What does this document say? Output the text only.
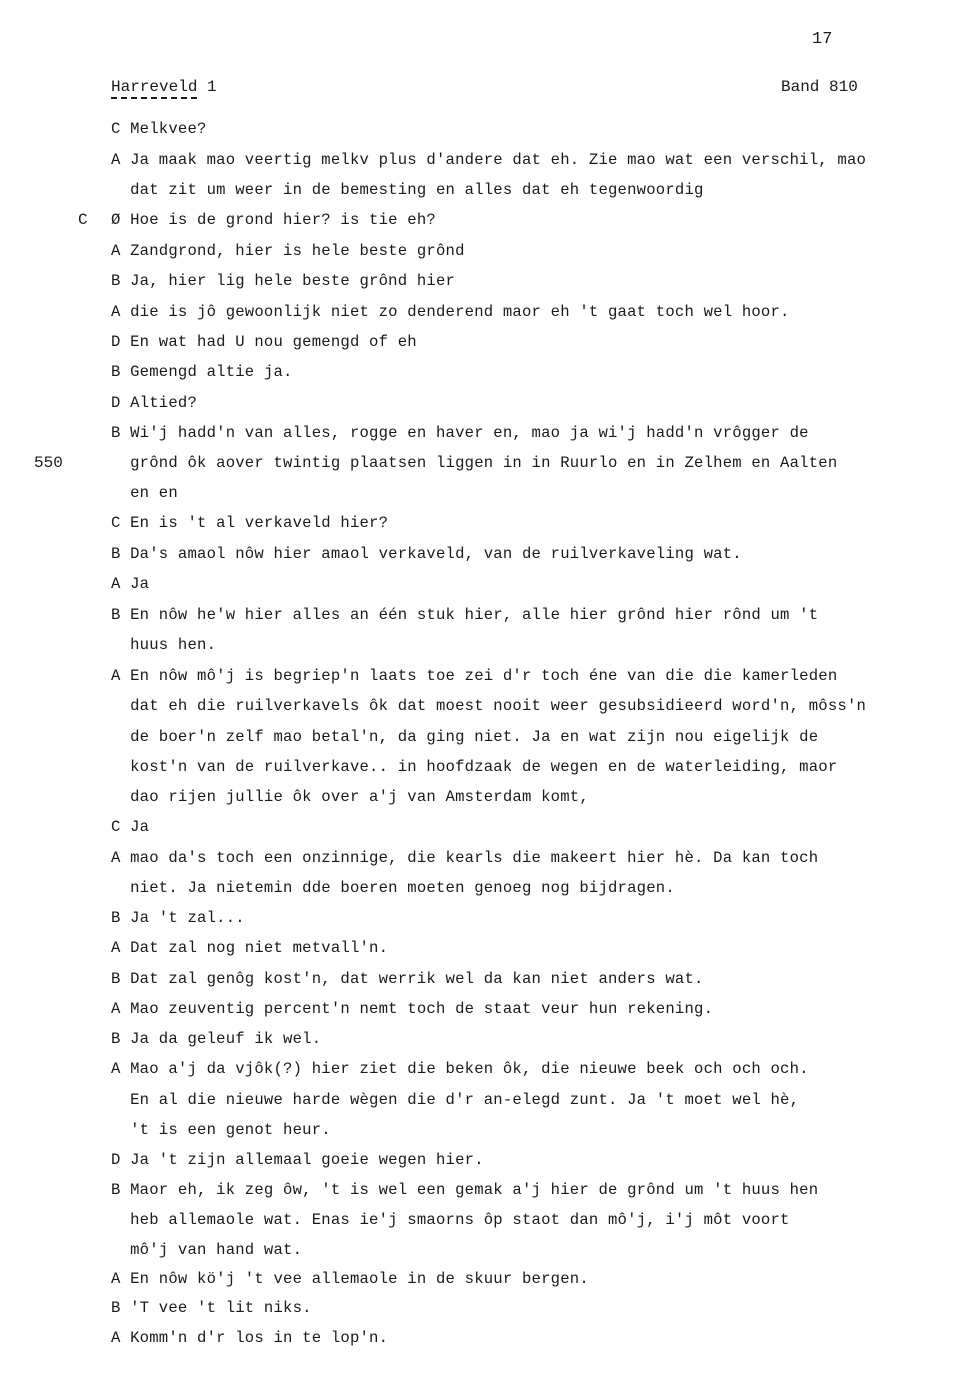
17
Harreveld 1	Band 810
C
550
C Melkvee?
A Ja maak mao veertig melkv plus d'andere dat eh. Zie mao wat een verschil, mao
dat zit um weer in de bemesting en alles dat eh tegenwoordig
Ø Hoe is de grond hier? is tie eh?
A Zandgrond, hier is hele beste grônd
B Ja, hier lig hele beste grônd hier
A die is jô gewoonlijk niet zo denderend maor eh 't gaat toch wel hoor.
D En wat had U nou gemengd of eh
B Gemengd altie ja.
D Altied?
B Wi'j hadd'n van alles, rogge en haver en, mao ja wi'j hadd'n vrôgger de
grônd ôk aover twintig plaatsen liggen in in Ruurlo en in Zelhem en Aalten
en en
C En is 't al verkaveld hier?
B Da's amaol nôw hier amaol verkaveld, van de ruilverkaveling wat.
A Ja
B En nôw he'w hier alles an één stuk hier, alle hier grônd hier rônd um 't
huus hen.
A En nôw mô'j is begriep'n laats toe zei d'r toch éne van die die kamerleden
dat eh die ruilverkavels ôk dat moest nooit weer gesubsidieerd word'n, môss'n
de boer'n zelf mao betal'n, da ging niet. Ja en wat zijn nou eigelijk de
kost'n van de ruilverkave.. in hoofdzaak de wegen en de waterleiding, maor
dao rijen jullie ôk over a'j van Amsterdam komt,
C Ja
A mao da's toch een onzinnige, die kearls die makeert hier hè. Da kan toch
niet. Ja nietemin dde boeren moeten genoeg nog bijdragen.
B Ja 't zal...
A Dat zal nog niet metvall'n.
B Dat zal genôg kost'n, dat werrik wel da kan niet anders wat.
A Mao zeuventig percent'n nemt toch de staat veur hun rekening.
B Ja da geleuf ik wel.
A Mao a'j da vjôk(?) hier ziet die beken ôk, die nieuwe beek och och och.
En al die nieuwe harde wègen die d'r an-elegd zunt. Ja 't moet wel hè,
't is een genot heur.
D Ja 't zijn allemaal goeie wegen hier.
B Maor eh, ik zeg ôw, 't is wel een gemak a'j hier de grônd um 't huus hen
heb allemaole wat. Enas ie'j smaorns ôp staot dan mô'j, i'j môt voort
mô'j van hand wat.
A En nôw kö'j 't vee allemaole in de skuur bergen.
B 'T vee 't lit niks.
A Komm'n d'r los in te lop'n.
